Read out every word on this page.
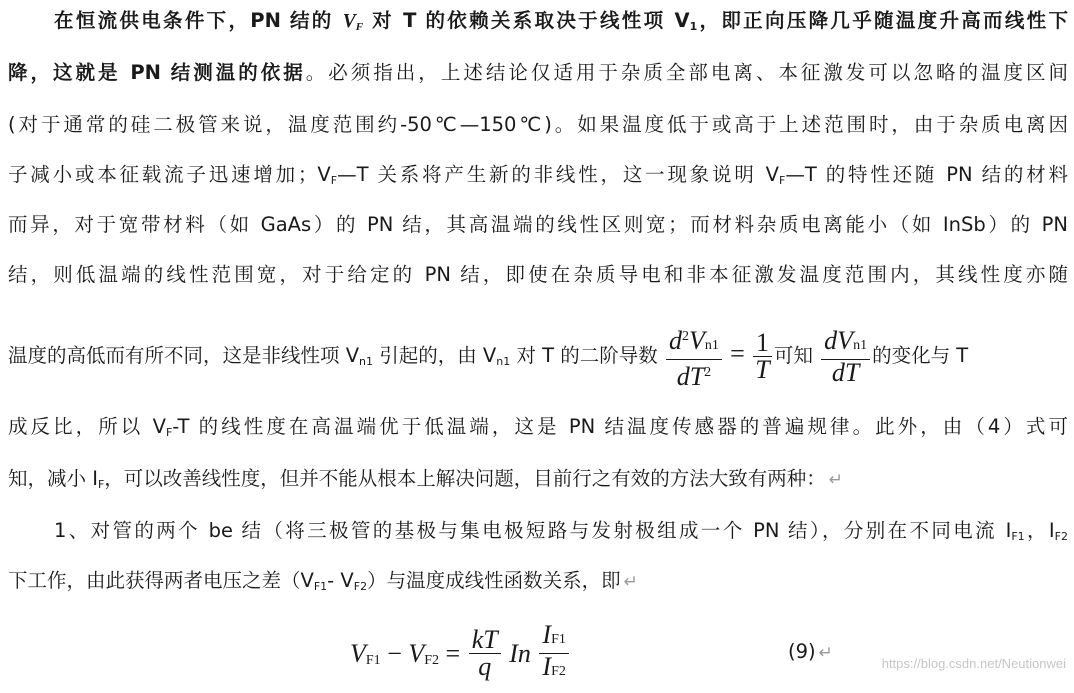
在恒流供电条件下，PN 结的 $V_F$ 对 T 的依赖关系取决于线性项 $V_1$，即正向压降几乎随温度升高而线性下
降，这就是 PN 结测温的依据。必须指出，上述结论仅适用于杂质全部电离、本征激发可以忽略的温度区间
(对于通常的硅二极管来说，温度范围约-50℃—150℃)。如果温度低于或高于上述范围时，由于杂质电离因
子减小或本征载流子迅速增加；$V_F—T$ 关系将产生新的非线性，这一现象说明 $V_F—T$ 的特性还随 PN 结的材料
而异，对于宽带材料（如 GaAs）的 PN 结，其高温端的线性区则宽；而材料杂质电离能小（如 InSb）的 PN
结，则低温端的线性范围宽，对于给定的 PN 结，即使在杂质导电和非本征激发温度范围内，其线性度亦随
温度的高低而有所不同，这是非线性项 $V_{n1}$ 引起的，由 $V_{n1}$ 对 T 的二阶导数 $\frac{d^2Vn1}{dT^2} = \frac{1}{T}$ 可知 $\frac{\text{dVn1}}{dT}$ 的变化与 T
成反比，所以 $V_F-T$ 的线性度在高温端优于低温端，这是 PN 结温度传感器的普遍规律。此外，由（4）式可
知，减小 $I_F$，可以改善线性度，但并不能从根本上解决问题，目前行之有效的方法大致有两种： ↵
1、对管的两个 be 结（将三极管的基极与集电极短路与发射极组成一个 PN 结），分别在不同电流 $I_{F1}$，$I_{F2}$
下工作，由此获得两者电压之差（$V_{F1}-$ $V_{F2}$）与温度成线性函数关系，即 ↵
$VF1 - VF2 = \frac{kT}{q}$ In $\frac{IF1}{IF2}$	(9) ↵
https://blog.csdn.net/Neutionwei
